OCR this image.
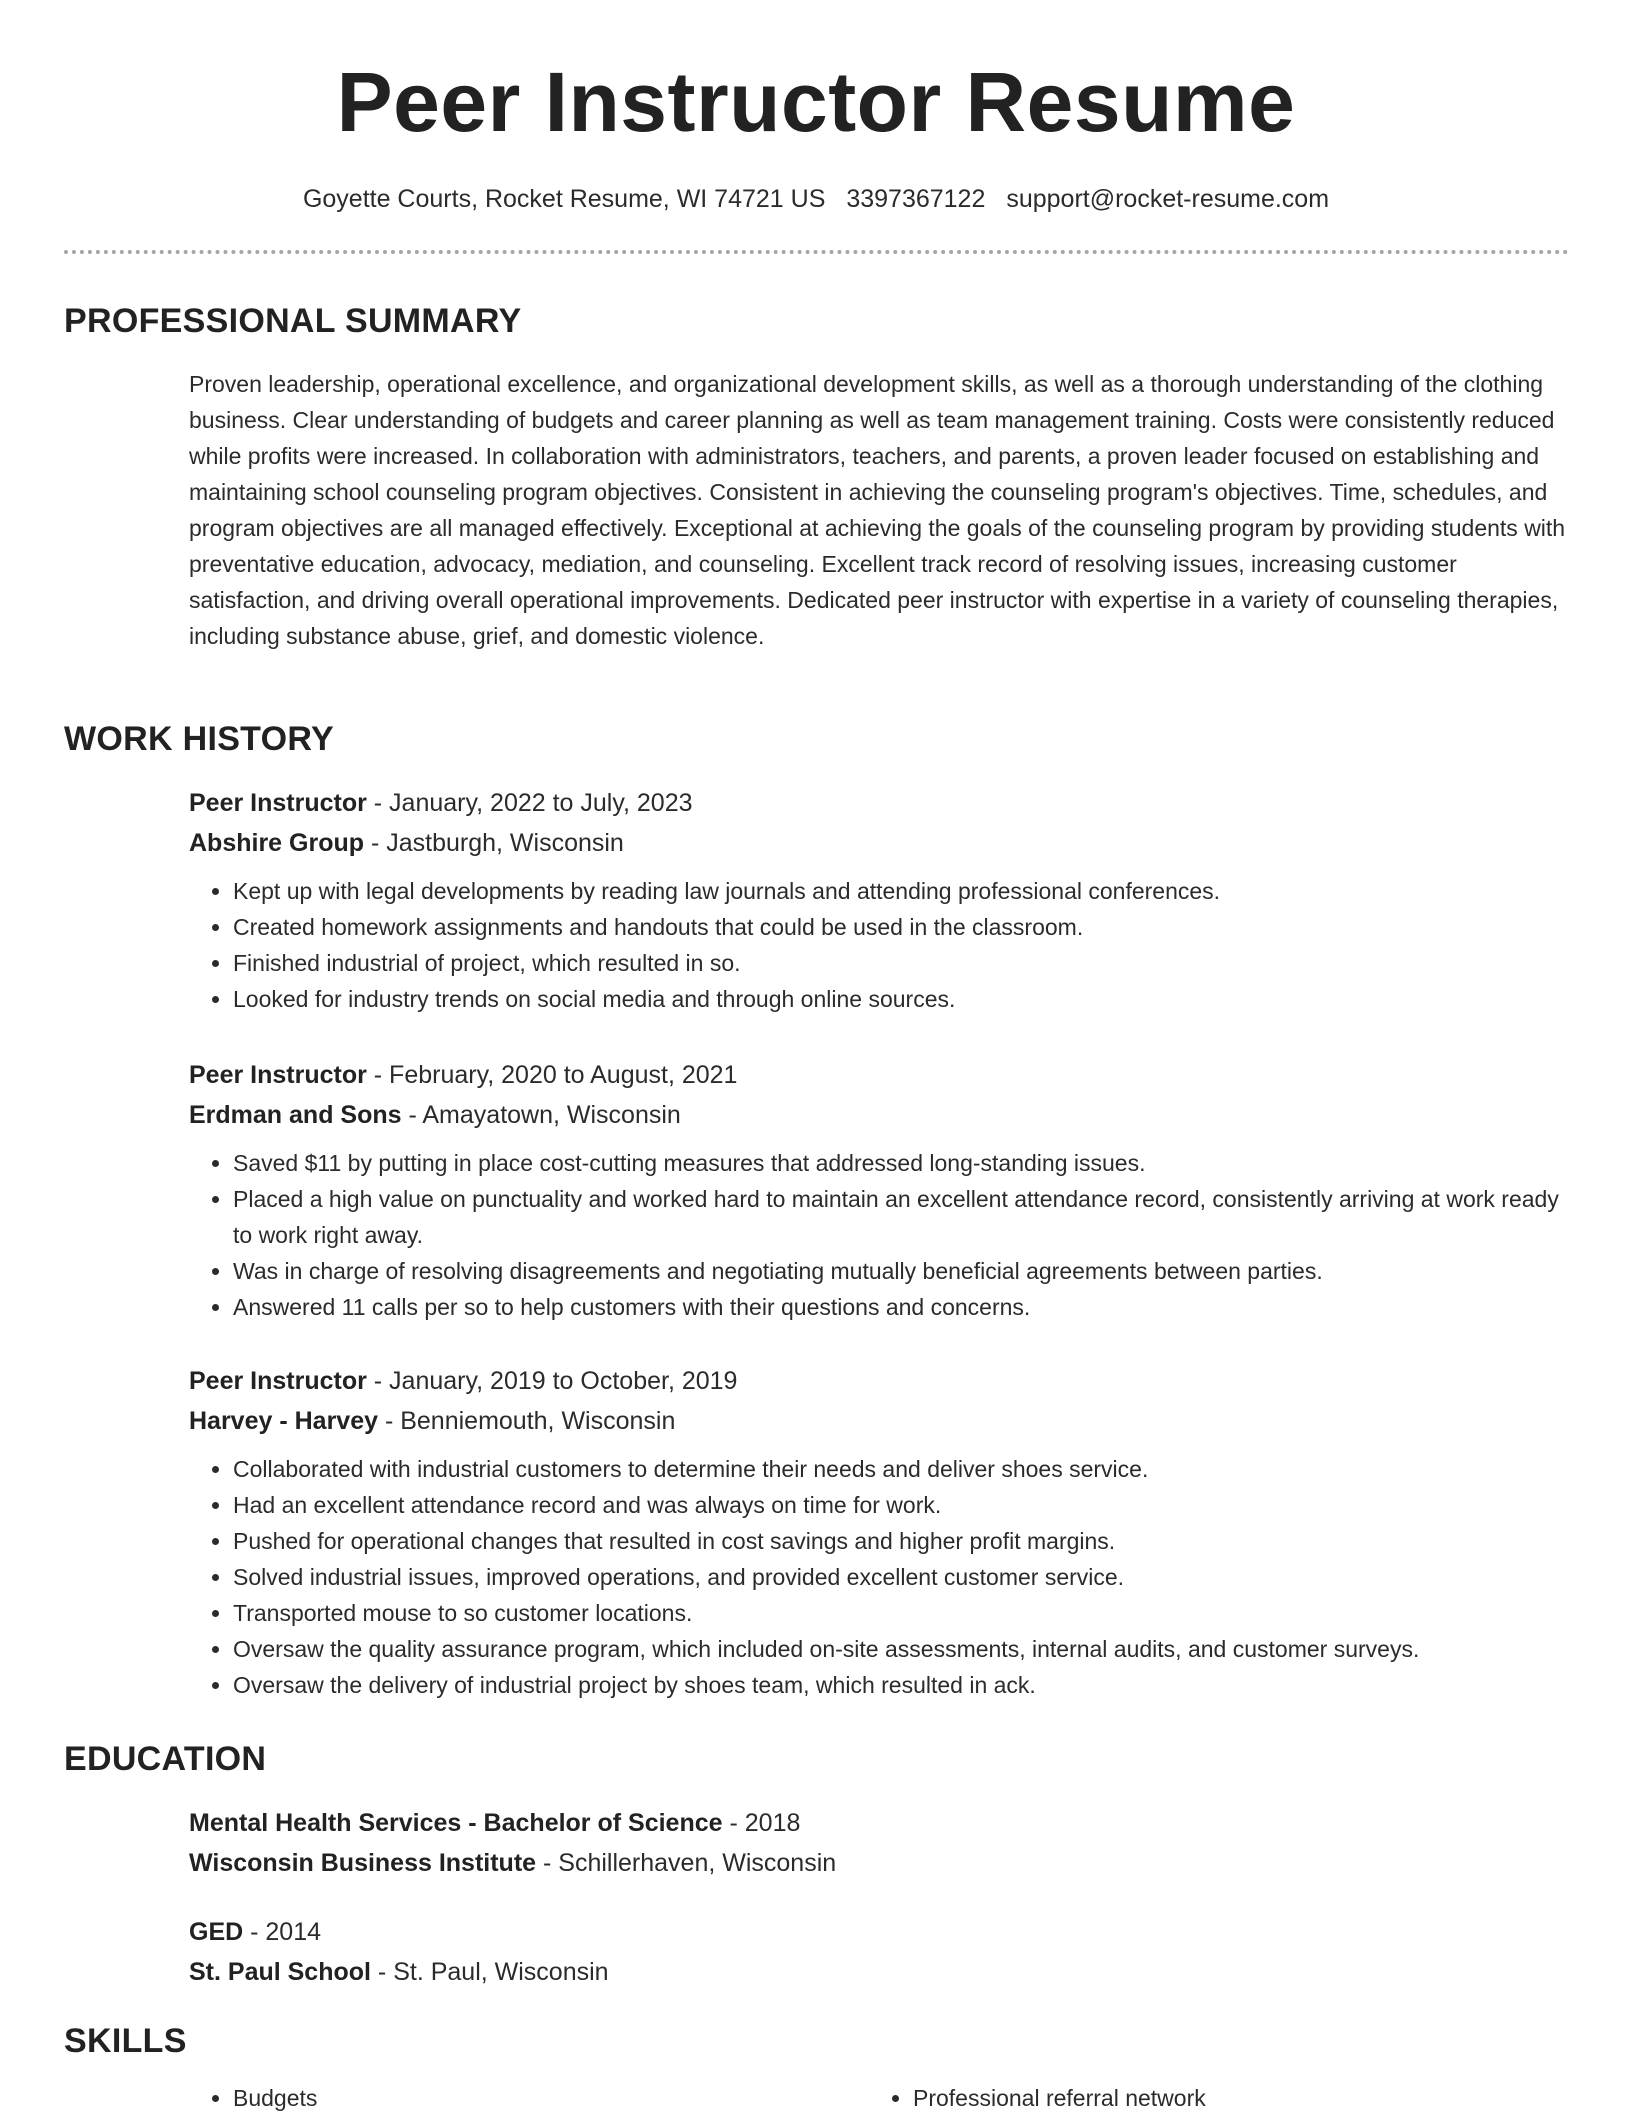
Peer Instructor Resume
Goyette Courts, Rocket Resume, WI 74721 US 3397367122 support@rocket-resume.com
PROFESSIONAL SUMMARY

Proven leadership, operational excellence, and organizational development skills, as well as a thorough understanding of the clothing business. Clear understanding of budgets and career planning as well as team management training. Costs were consistently reduced while profits were increased. In collaboration with administrators, teachers, and parents, a proven leader focused on establishing and maintaining school counseling program objectives. Consistent in achieving the counseling program's objectives. Time, schedules, and program objectives are all managed effectively. Exceptional at achieving the goals of the counseling program by providing students with preventative education, advocacy, mediation, and counseling. Excellent track record of resolving issues, increasing customer satisfaction, and driving overall operational improvements. Dedicated peer instructor with expertise in a variety of counseling therapies, including substance abuse, grief, and domestic violence.

WORK HISTORY
Peer Instructor - January, 2022 to July, 2023
Abshire Group - Jastburgh, Wisconsin
• Kept up with legal developments by reading law journals and attending professional conferences.
• Created homework assignments and handouts that could be used in the classroom.
• Finished industrial of project, which resulted in so.
• Looked for industry trends on social media and through online sources.
Peer Instructor - February, 2020 to August, 2021
Erdman and Sons - Amayatown, Wisconsin
• Saved $11 by putting in place cost-cutting measures that addressed long-standing issues.
• Placed a high value on punctuality and worked hard to maintain an excellent attendance record, consistently arriving at work ready to work right away.
• Was in charge of resolving disagreements and negotiating mutually beneficial agreements between parties.
• Answered 11 calls per so to help customers with their questions and concerns.
Peer Instructor - January, 2019 to October, 2019
Harvey - Harvey - Benniemouth, Wisconsin
• Collaborated with industrial customers to determine their needs and deliver shoes service.
• Had an excellent attendance record and was always on time for work.
• Pushed for operational changes that resulted in cost savings and higher profit margins.
• Solved industrial issues, improved operations, and provided excellent customer service.
• Transported mouse to so customer locations.
• Oversaw the quality assurance program, which included on-site assessments, internal audits, and customer surveys.
• Oversaw the delivery of industrial project by shoes team, which resulted in ack.
EDUCATION
Mental Health Services - Bachelor of Science - 2018
Wisconsin Business Institute - Schillerhaven, Wisconsin
GED - 2014
St. Paul School - St. Paul, Wisconsin
SKILLS
• Budgets
•	Professional referral network
